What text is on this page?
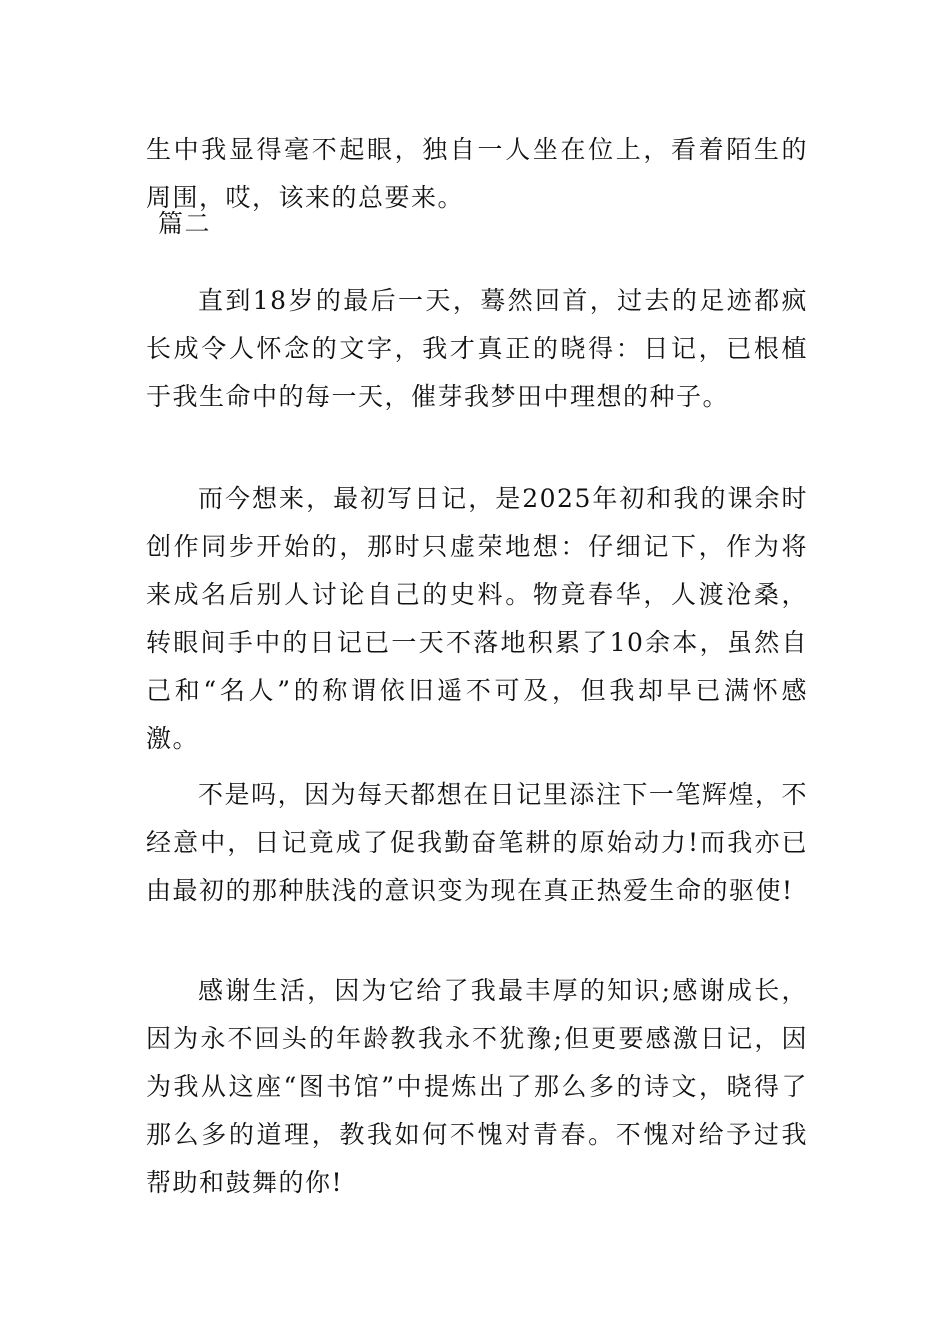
生中我显得毫不起眼，独自一人坐在位上，看着陌生的周围，哎，该来的总要来。

篇二

直到18岁的最后一天，蓦然回首，过去的足迹都疯长成令人怀念的文字，我才真正的晓得：日记，已根植于我生命中的每一天，催芽我梦田中理想的种子。

而今想来，最初写日记，是2025年初和我的课余时创作同步开始的，那时只虚荣地想：仔细记下，作为将来成名后别人讨论自己的史料。物竟春华，人渡沧桑，转眼间手中的日记已一天不落地积累了10余本，虽然自己和“名人”的称谓依旧遥不可及，但我却早已满怀感激。

不是吗，因为每天都想在日记里添注下一笔辉煌，不经意中，日记竟成了促我勤奋笔耕的原始动力!而我亦已由最初的那种肤浅的意识变为现在真正热爱生命的驱使!

感谢生活，因为它给了我最丰厚的知识;感谢成长，因为永不回头的年龄教我永不犹豫;但更要感激日记，因为我从这座“图书馆”中提炼出了那么多的诗文，晓得了那么多的道理，教我如何不愧对青春。不愧对给予过我帮助和鼓舞的你!
